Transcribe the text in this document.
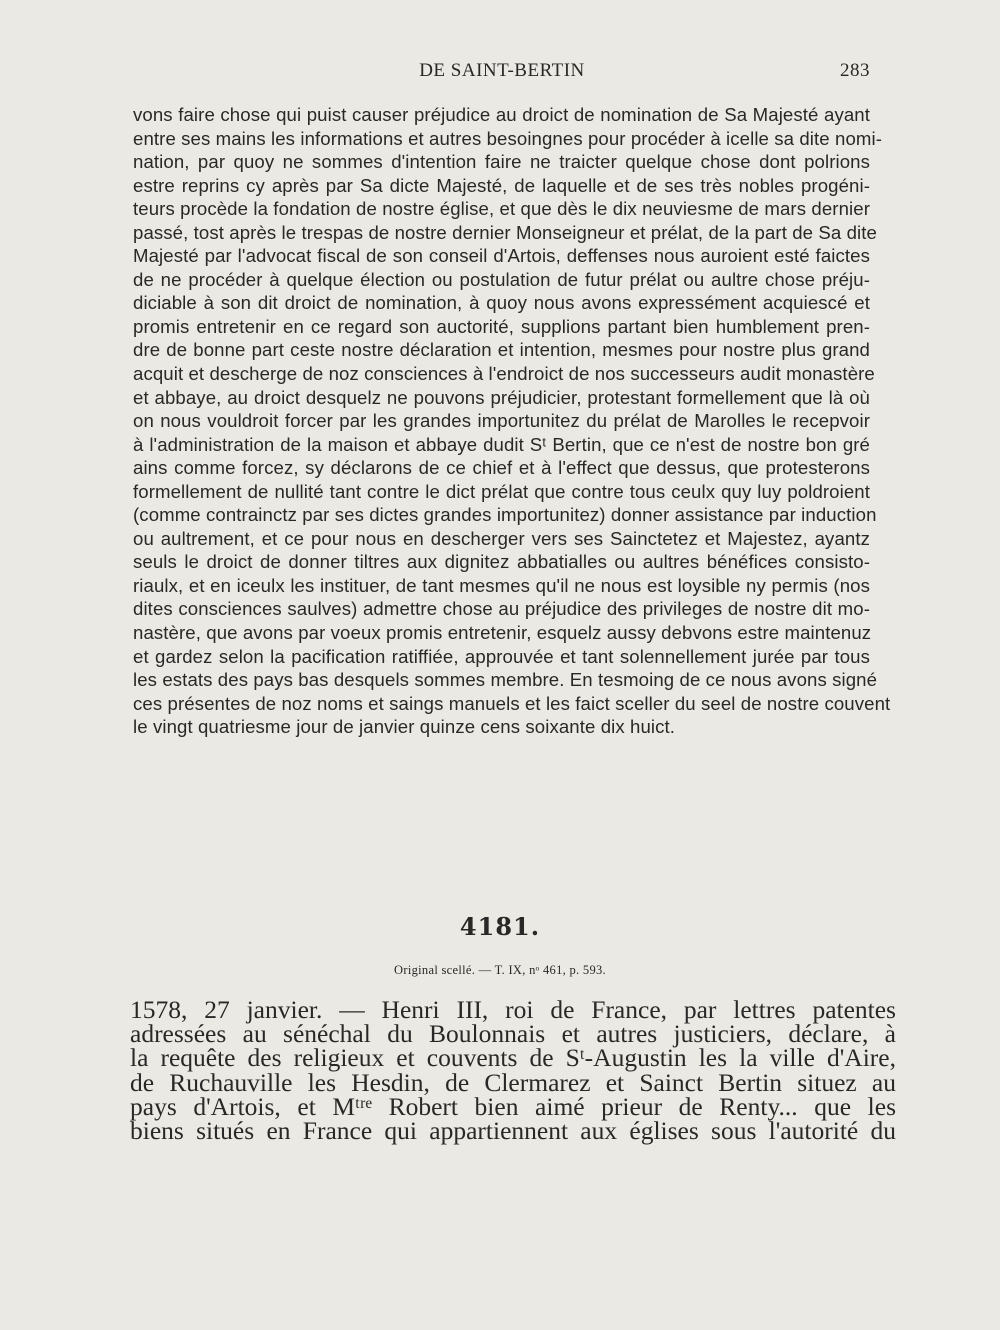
DE SAINT-BERTIN	283
vons faire chose qui puist causer préjudice au droict de nomination de Sa Majesté ayant
entre ses mains les informations et autres besoingnes pour procéder à icelle sa dite nomi-
nation, par quoy ne sommes d'intention faire ne traicter quelque chose dont polrions
estre reprins cy après par Sa dicte Majesté, de laquelle et de ses très nobles progéni-
teurs procède la fondation de nostre église, et que dès le dix neuviesme de mars dernier
passé, tost après le trespas de nostre dernier Monseigneur et prélat, de la part de Sa dite
Majesté par l'advocat fiscal de son conseil d'Artois, deffenses nous auroient esté faictes
de ne procéder à quelque élection ou postulation de futur prélat ou aultre chose préju-
diciable à son dit droict de nomination, à quoy nous avons expressément acquiescé et
promis entretenir en ce regard son auctorité, supplions partant bien humblement pren-
dre de bonne part ceste nostre déclaration et intention, mesmes pour nostre plus grand
acquit et descherge de noz consciences à l'endroict de nos successeurs audit monastère
et abbaye, au droict desquelz ne pouvons préjudicier, protestant formellement que là où
on nous vouldroit forcer par les grandes importunitez du prélat de Marolles le recepvoir
à l'administration de la maison et abbaye dudit Sᵗ Bertin, que ce n'est de nostre bon gré
ains comme forcez, sy déclarons de ce chief et à l'effect que dessus, que protesterons
formellement de nullité tant contre le dict prélat que contre tous ceulx quy luy poldroient
(comme contrainctz par ses dictes grandes importunitez) donner assistance par induction
ou aultrement, et ce pour nous en descherger vers ses Sainctetez et Majestez, ayantz
seuls le droict de donner tiltres aux dignitez abbatialles ou aultres bénéfices consisto-
riaulx, et en iceulx les instituer, de tant mesmes qu'il ne nous est loysible ny permis (nos
dites consciences saulves) admettre chose au préjudice des privileges de nostre dit mo-
nastère, que avons par voeux promis entretenir, esquelz aussy debvons estre maintenuz
et gardez selon la pacification ratiffiée, approuvée et tant solennellement jurée par tous
les estats des pays bas desquels sommes membre. En tesmoing de ce nous avons signé
ces présentes de noz noms et saings manuels et les faict sceller du seel de nostre couvent
le vingt quatriesme jour de janvier quinze cens soixante dix huict.
4181.
Original scellé. — T. IX, nᵒ 461, p. 593.
1578, 27 janvier. — Henri III, roi de France, par lettres patentes
adressées au sénéchal du Boulonnais et autres justiciers, déclare, à
la requête des religieux et couvents de Sᵗ-Augustin les la ville d'Aire,
de Ruchauville les Hesdin, de Clermarez et Sainct Bertin situez au
pays d'Artois, et Mᵗʳᵉ Robert bien aimé prieur de Renty... que les
biens situés en France qui appartiennent aux églises sous l'autorité du
